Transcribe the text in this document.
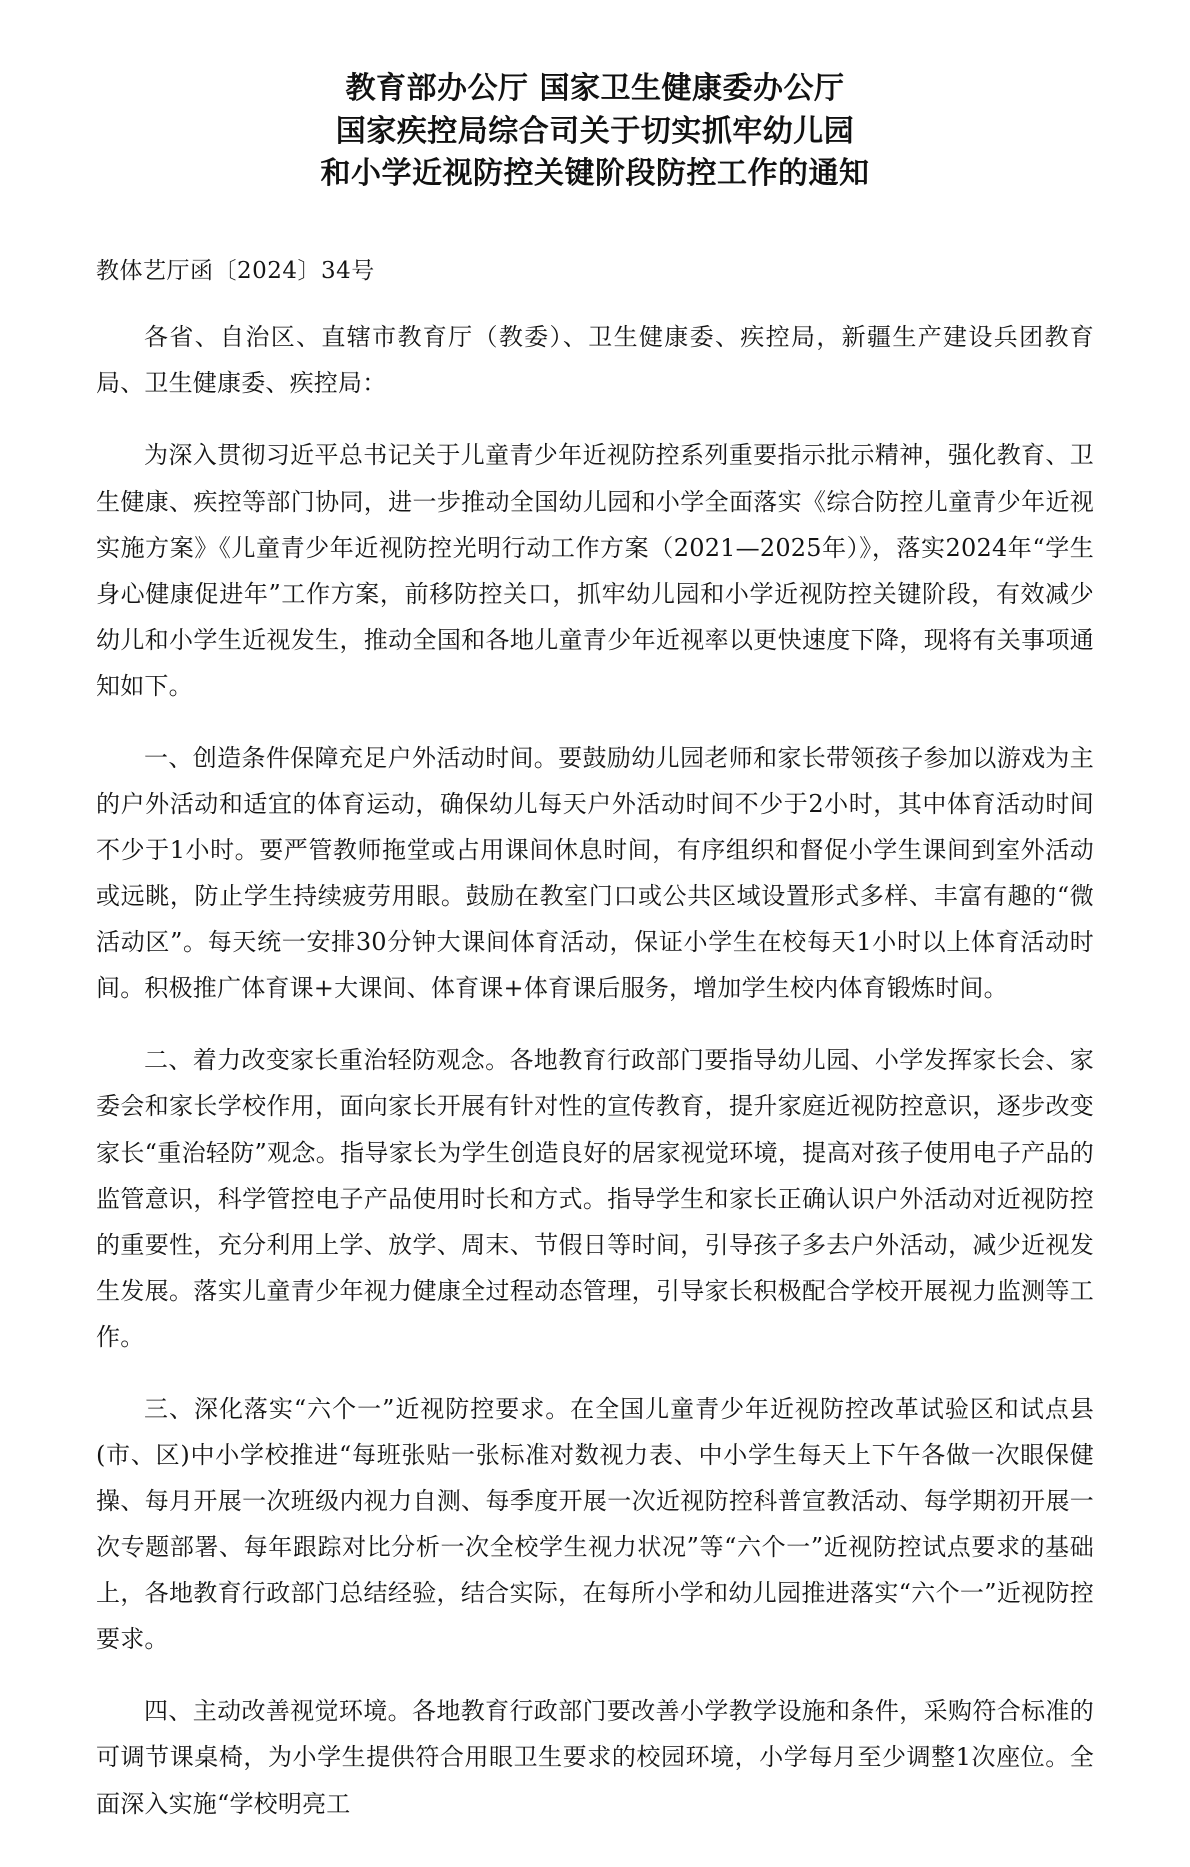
教育部办公厅 国家卫生健康委办公厅
国家疾控局综合司关于切实抓牢幼儿园
和小学近视防控关键阶段防控工作的通知
教体艺厅函〔2024〕34号

各省、自治区、直辖市教育厅（教委）、卫生健康委、疾控局，新疆生产建设兵团教育局、卫生健康委、疾控局：

为深入贯彻习近平总书记关于儿童青少年近视防控系列重要指示批示精神，强化教育、卫生健康、疾控等部门协同，进一步推动全国幼儿园和小学全面落实《综合防控儿童青少年近视实施方案》《儿童青少年近视防控光明行动工作方案（2021—2025年）》，落实2024年“学生身心健康促进年”工作方案，前移防控关口，抓牢幼儿园和小学近视防控关键阶段，有效减少幼儿和小学生近视发生，推动全国和各地儿童青少年近视率以更快速度下降，现将有关事项通知如下。

一、创造条件保障充足户外活动时间。要鼓励幼儿园老师和家长带领孩子参加以游戏为主的户外活动和适宜的体育运动，确保幼儿每天户外活动时间不少于2小时，其中体育活动时间不少于1小时。要严管教师拖堂或占用课间休息时间，有序组织和督促小学生课间到室外活动或远眺，防止学生持续疲劳用眼。鼓励在教室门口或公共区域设置形式多样、丰富有趣的“微活动区”。每天统一安排30分钟大课间体育活动，保证小学生在校每天1小时以上体育活动时间。积极推广体育课+大课间、体育课+体育课后服务，增加学生校内体育锻炼时间。

二、着力改变家长重治轻防观念。各地教育行政部门要指导幼儿园、小学发挥家长会、家委会和家长学校作用，面向家长开展有针对性的宣传教育，提升家庭近视防控意识，逐步改变家长“重治轻防”观念。指导家长为学生创造良好的居家视觉环境，提高对孩子使用电子产品的监管意识，科学管控电子产品使用时长和方式。指导学生和家长正确认识户外活动对近视防控的重要性，充分利用上学、放学、周末、节假日等时间，引导孩子多去户外活动，减少近视发生发展。落实儿童青少年视力健康全过程动态管理，引导家长积极配合学校开展视力监测等工作。

三、深化落实“六个一”近视防控要求。在全国儿童青少年近视防控改革试验区和试点县(市、区)中小学校推进“每班张贴一张标准对数视力表、中小学生每天上下午各做一次眼保健操、每月开展一次班级内视力自测、每季度开展一次近视防控科普宣教活动、每学期初开展一次专题部署、每年跟踪对比分析一次全校学生视力状况”等“六个一”近视防控试点要求的基础上，各地教育行政部门总结经验，结合实际，在每所小学和幼儿园推进落实“六个一”近视防控要求。

四、主动改善视觉环境。各地教育行政部门要改善小学教学设施和条件，采购符合标准的可调节课桌椅，为小学生提供符合用眼卫生要求的校园环境，小学每月至少调整1次座位。全面深入实施“学校明亮工
